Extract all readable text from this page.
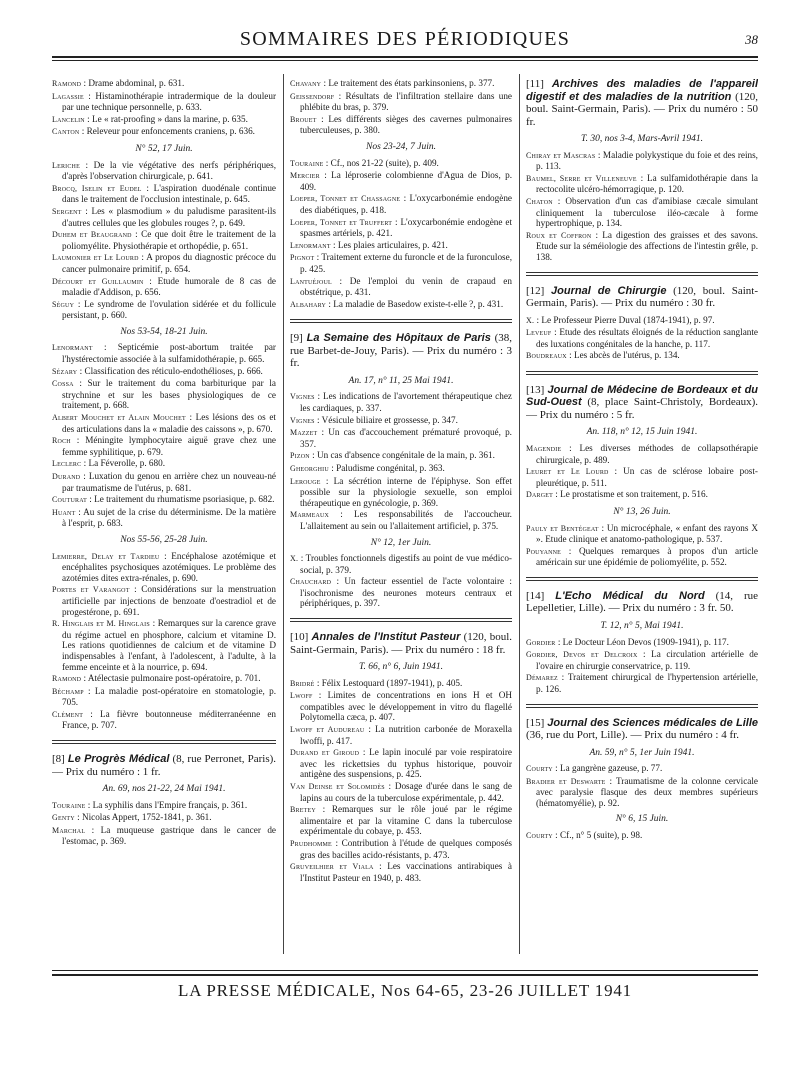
SOMMAIRES DES PÉRIODIQUES	38
Ramond : Drame abdominal, p. 631.
Lagassie : Histaminothérapie intradermique de la douleur par une technique personnelle, p. 633.
Lancelin : Le « rat-proofing » dans la marine, p. 635.
Canton : Releveur pour enfoncements craniens, p. 636.
N° 52, 17 Juin.
Leriche : De la vie végétative des nerfs périphériques, d'après l'observation chirurgicale, p. 641.
Brocq, Iselin et Eudel : L'aspiration duodénale continue dans le traitement de l'occlusion intestinale, p. 645.
Sergent : Les « plasmodium » du paludisme parasitent-ils d'autres cellules que les globules rouges ?, p. 649.
Duhem et Beaugrand : Ce que doit être le traitement de la poliomyélite. Physiothérapie et orthopédie, p. 651.
Laumonier et Le Lourd : A propos du diagnostic précoce du cancer pulmonaire primitif, p. 654.
Décourt et Guillaumin : Etude humorale de 8 cas de maladie d'Addison, p. 656.
Séguy : Le syndrome de l'ovulation sidérée et du follicule persistant, p. 660.
Nos 53-54, 18-21 Juin.
Lenormant : Septicémie post-abortum traitée par l'hystérectomie associée à la sulfamidothérapie, p. 665.
Sézary : Classification des réticulo-endothélioses, p. 666.
Cossa : Sur le traitement du coma barbiturique par la strychnine et sur les bases physiologiques de ce traitement, p. 668.
Albert Mouchet et Alain Mouchet : Les lésions des os et des articulations dans la « maladie des caissons », p. 670.
Roch : Méningite lymphocytaire aiguë grave chez une femme syphilitique, p. 679.
Leclerc : La Féverolle, p. 680.
Durand : Luxation du genou en arrière chez un nouveau-né par traumatisme de l'utérus, p. 681.
Couturat : Le traitement du rhumatisme psoriasique, p. 682.
Huant : Au sujet de la crise du déterminisme. De la matière à l'esprit, p. 683.
Nos 55-56, 25-28 Juin.
Lemierre, Delay et Tardieu : Encéphalose azotémique et encéphalites psychosiques azotémiques. Le problème des azotémies dites extra-rénales, p. 690.
Portes et Varangot : Considérations sur la menstruation artificielle par injections de benzoate d'oestradiol et de progestérone, p. 691.
R. Hinglais et M. Hinglais : Remarques sur la carence grave du régime actuel en phosphore, calcium et vitamine D. Les rations quotidiennes de calcium et de vitamine D indispensables à l'enfant, à l'adolescent, à l'adulte, à la femme enceinte et à la nourrice, p. 694.
Ramond : Atélectasie pulmonaire post-opératoire, p. 701.
Béchamp : La maladie post-opératoire en stomatologie, p. 705.
Clément : La fièvre boutonneuse méditerranéenne en France, p. 707.
[8] Le Progrès Médical (8, rue Perronet, Paris). — Prix du numéro : 1 fr.
An. 69, nos 21-22, 24 Mai 1941.
Touraine : La syphilis dans l'Empire français, p. 361.
Genty : Nicolas Appert, 1752-1841, p. 361.
Marchal : La muqueuse gastrique dans le cancer de l'estomac, p. 369.
Chavany : Le traitement des états parkinsoniens, p. 377.
Geissendorf : Résultats de l'infiltration stellaire dans une phlébite du bras, p. 379.
Brouet : Les différents sièges des cavernes pulmonaires tuberculeuses, p. 380.
Nos 23-24, 7 Juin.
Touraine : Cf., nos 21-22 (suite), p. 409.
Mercier : La léproserie colombienne d'Agua de Dios, p. 409.
Loeper, Tonnet et Chassagne : L'oxycarbonémie endogène des diabétiques, p. 418.
Loeper, Tonnet et Truffert : L'oxycarbonémie endogène et spasmes artériels, p. 421.
Lenormant : Les plaies articulaires, p. 421.
Pignot : Traitement externe du furoncle et de la furonculose, p. 425.
Lantuéjoul : De l'emploi du venin de crapaud en obstétrique, p. 431.
Albahary : La maladie de Basedow existe-t-elle ?, p. 431.
[9] La Semaine des Hôpitaux de Paris (38, rue Barbet-de-Jouy, Paris). — Prix du numéro : 3 fr.
An. 17, n° 11, 25 Mai 1941.
Vignes : Les indications de l'avortement thérapeutique chez les cardiaques, p. 337.
Vignes : Vésicule biliaire et grossesse, p. 347.
Mazzet : Un cas d'accouchement prématuré provoqué, p. 357.
Pizon : Un cas d'absence congénitale de la main, p. 361.
Gheorghiu : Paludisme congénital, p. 363.
Lerouge : La sécrétion interne de l'épiphyse. Son effet possible sur la physiologie sexuelle, son emploi thérapeutique en gynécologie, p. 369.
Marmeaux : Les responsabilités de l'accoucheur. L'allaitement au sein ou l'allaitement artificiel, p. 375.
N° 12, 1er Juin.
X. : Troubles fonctionnels digestifs au point de vue médico-social, p. 379.
Chauchard : Un facteur essentiel de l'acte volontaire : l'isochronisme des neurones moteurs centraux et périphériques, p. 397.
[10] Annales de l'Institut Pasteur (120, boul. Saint-Germain, Paris). — Prix du numéro : 18 fr.
T. 66, n° 6, Juin 1941.
Bridré : Félix Lestoquard (1897-1941), p. 405.
Lwoff : Limites de concentrations en ions H et OH compatibles avec le développement in vitro du flagellé Polytomella cæca, p. 407.
Lwoff et Audureau : La nutrition carbonée de Moraxella lwoffi, p. 417.
Durand et Giroud : Le lapin inoculé par voie respiratoire avec les rickettsies du typhus historique, pouvoir antigène des suspensions, p. 425.
Van Deinse et Solomidès : Dosage d'urée dans le sang de lapins au cours de la tuberculose expérimentale, p. 442.
Bretey : Remarques sur le rôle joué par le régime alimentaire et par la vitamine C dans la tuberculose expérimentale du cobaye, p. 453.
Prudhomme : Contribution à l'étude de quelques composés gras des bacilles acido-résistants, p. 473.
Gruveilhier et Viala : Les vaccinations antirabiques à l'Institut Pasteur en 1940, p. 483.
[11] Archives des maladies de l'appareil digestif et des maladies de la nutrition (120, boul. Saint-Germain, Paris). — Prix du numéro : 50 fr.
T. 30, nos 3-4, Mars-Avril 1941.
Chiray et Mascras : Maladie polykystique du foie et des reins, p. 113.
Baumel, Serre et Villeneuve : La sulfamidothérapie dans la rectocolite ulcéro-hémorragique, p. 120.
Chaton : Observation d'un cas d'amibiase cæcale simulant cliniquement la tuberculose iléo-cæcale à forme hypertrophique, p. 134.
Roux et Coffron : La digestion des graisses et des savons. Etude sur la séméiologie des affections de l'intestin grêle, p. 138.
[12] Journal de Chirurgie (120, boul. Saint-Germain, Paris). — Prix du numéro : 30 fr.
X. : Le Professeur Pierre Duval (1874-1941), p. 97.
Leveuf : Etude des résultats éloignés de la réduction sanglante des luxations congénitales de la hanche, p. 117.
Boudreaux : Les abcès de l'utérus, p. 134.
[13] Journal de Médecine de Bordeaux et du Sud-Ouest (8, place Saint-Christoly, Bordeaux). — Prix du numéro : 5 fr.
An. 118, n° 12, 15 Juin 1941.
Magendie : Les diverses méthodes de collapsothérapie chirurgicale, p. 489.
Leuret et Le Lourd : Un cas de sclérose lobaire post-pleurétique, p. 511.
Darget : Le prostatisme et son traitement, p. 516.
N° 13, 26 Juin.
Pauly et Bentégeat : Un microcéphale, « enfant des rayons X ». Etude clinique et anatomo-pathologique, p. 537.
Pouyanne : Quelques remarques à propos d'un article américain sur une épidémie de poliomyélite, p. 552.
[14] L'Echo Médical du Nord (14, rue Lepelletier, Lille). — Prix du numéro : 3 fr. 50.
T. 12, n° 5, Mai 1941.
Gordier : Le Docteur Léon Devos (1909-1941), p. 117.
Gordier, Devos et Delcroix : La circulation artérielle de l'ovaire en chirurgie conservatrice, p. 119.
Démarez : Traitement chirurgical de l'hypertension artérielle, p. 126.
[15] Journal des Sciences médicales de Lille (36, rue du Port, Lille). — Prix du numéro : 4 fr.
An. 59, n° 5, 1er Juin 1941.
Courty : La gangrène gazeuse, p. 77.
Bradier et Deswarte : Traumatisme de la colonne cervicale avec paralysie flasque des deux membres supérieurs (hématomyélie), p. 92.
N° 6, 15 Juin.
Courty : Cf., n° 5 (suite), p. 98.
LA PRESSE MÉDICALE, Nos 64-65, 23-26 JUILLET 1941
